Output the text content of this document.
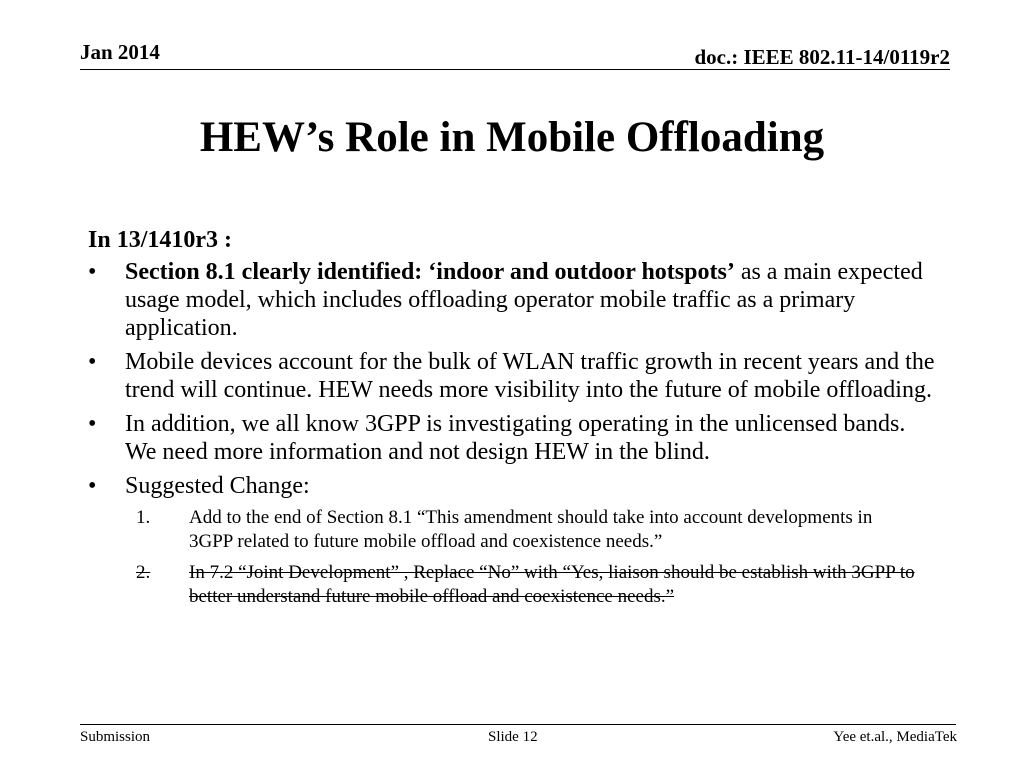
Jan 2014	doc.: IEEE 802.11-14/0119r2
HEW’s Role in Mobile Offloading
In 13/1410r3 :
•	Section 8.1 clearly identified: ‘indoor and outdoor hotspots’ as a main expected usage model, which includes offloading operator mobile traffic as a primary application.
•	Mobile devices account for the bulk of WLAN traffic growth in recent years and the trend will continue. HEW needs more visibility into the future of mobile offloading.
•	In addition, we all know 3GPP is investigating operating in the unlicensed bands. We need more information and not design HEW in the blind.
•	Suggested Change:
1.	Add to the end of Section 8.1 “This amendment should take into account developments in 3GPP related to future mobile offload and coexistence needs.”
2.	In 7.2 “Joint Development” , Replace “No” with “Yes, liaison should be establish with 3GPP to better understand future mobile offload and coexistence needs.”
Submission	Slide 12	Yee et.al., MediaTek
